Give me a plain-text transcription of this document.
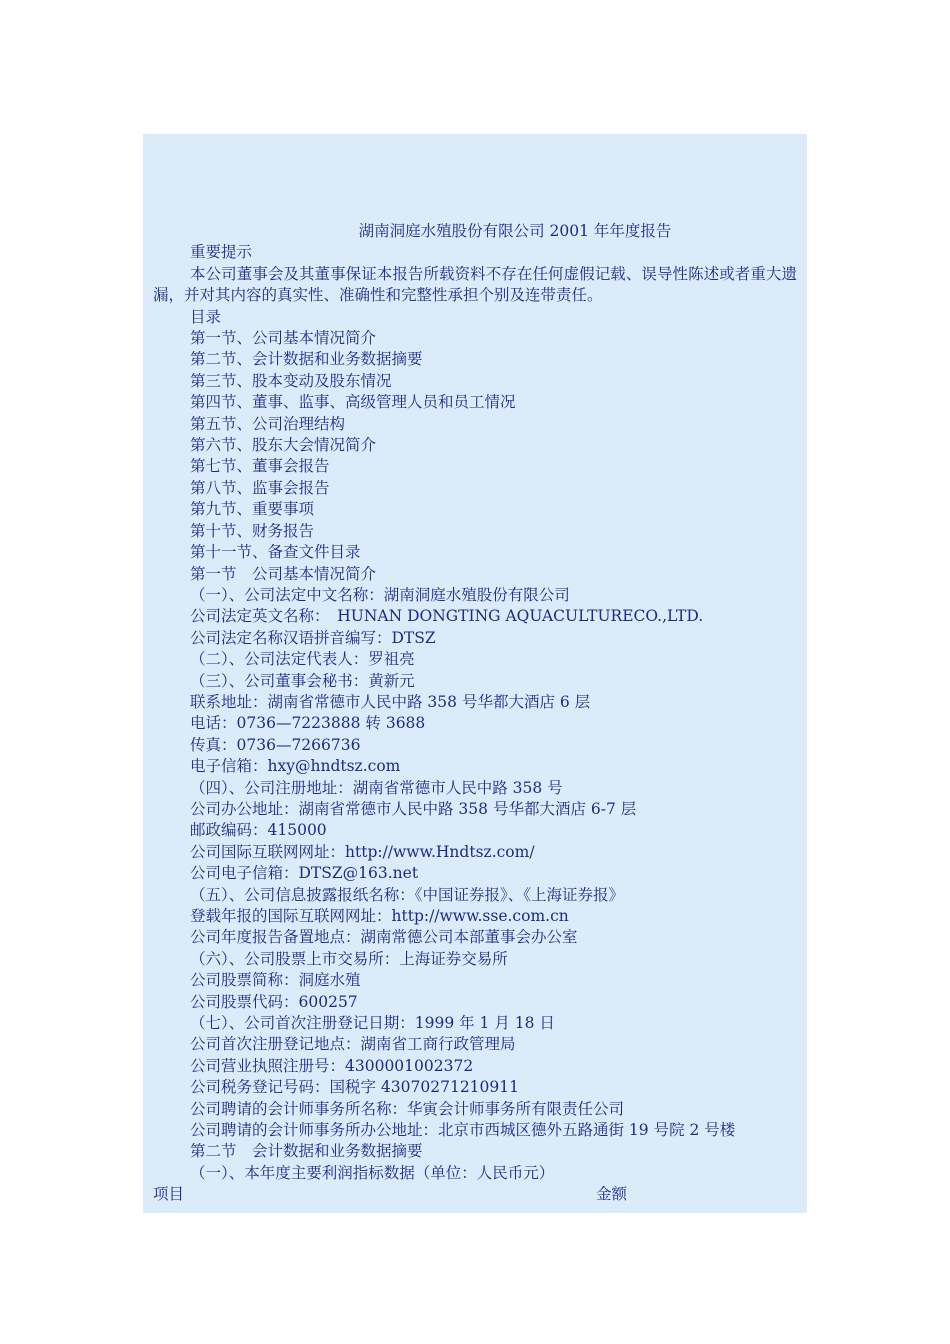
湖南洞庭水殖股份有限公司 2001 年年度报告
重要提示
本公司董事会及其董事保证本报告所载资料不存在任何虚假记载、误导性陈述或者重大遗漏，并对其内容的真实性、准确性和完整性承担个别及连带责任。
目录
第一节、公司基本情况简介
第二节、会计数据和业务数据摘要
第三节、股本变动及股东情况
第四节、董事、监事、高级管理人员和员工情况
第五节、公司治理结构
第六节、股东大会情况简介
第七节、董事会报告
第八节、监事会报告
第九节、重要事项
第十节、财务报告
第十一节、备查文件目录
第一节　公司基本情况简介
（一）、公司法定中文名称：湖南洞庭水殖股份有限公司
公司法定英文名称：　HUNAN DONGTING AQUACULTURECO.,LTD.
公司法定名称汉语拼音编写：DTSZ
（二）、公司法定代表人：罗祖亮
（三）、公司董事会秘书：黄新元
联系地址：湖南省常德市人民中路 358 号华都大酒店 6 层
电话：0736—7223888 转 3688
传真：0736—7266736
电子信箱：hxy@hndtsz.com
（四）、公司注册地址：湖南省常德市人民中路 358 号
公司办公地址：湖南省常德市人民中路 358 号华都大酒店 6-7 层
邮政编码：415000
公司国际互联网网址：http://www.Hndtsz.com/
公司电子信箱：DTSZ@163.net
（五）、公司信息披露报纸名称：《中国证券报》、《上海证券报》
登载年报的国际互联网网址：http://www.sse.com.cn
公司年度报告备置地点：湖南常德公司本部董事会办公室
（六）、公司股票上市交易所：上海证券交易所
公司股票简称：洞庭水殖
公司股票代码：600257
（七）、公司首次注册登记日期：1999 年 1 月 18 日
公司首次注册登记地点：湖南省工商行政管理局
公司营业执照注册号：4300001002372
公司税务登记号码：国税字 43070271210911
公司聘请的会计师事务所名称：华寅会计师事务所有限责任公司
公司聘请的会计师事务所办公地址：北京市西城区德外五路通街 19 号院 2 号楼
第二节　会计数据和业务数据摘要
（一）、本年度主要利润指标数据（单位：人民币元）
项目	金额
